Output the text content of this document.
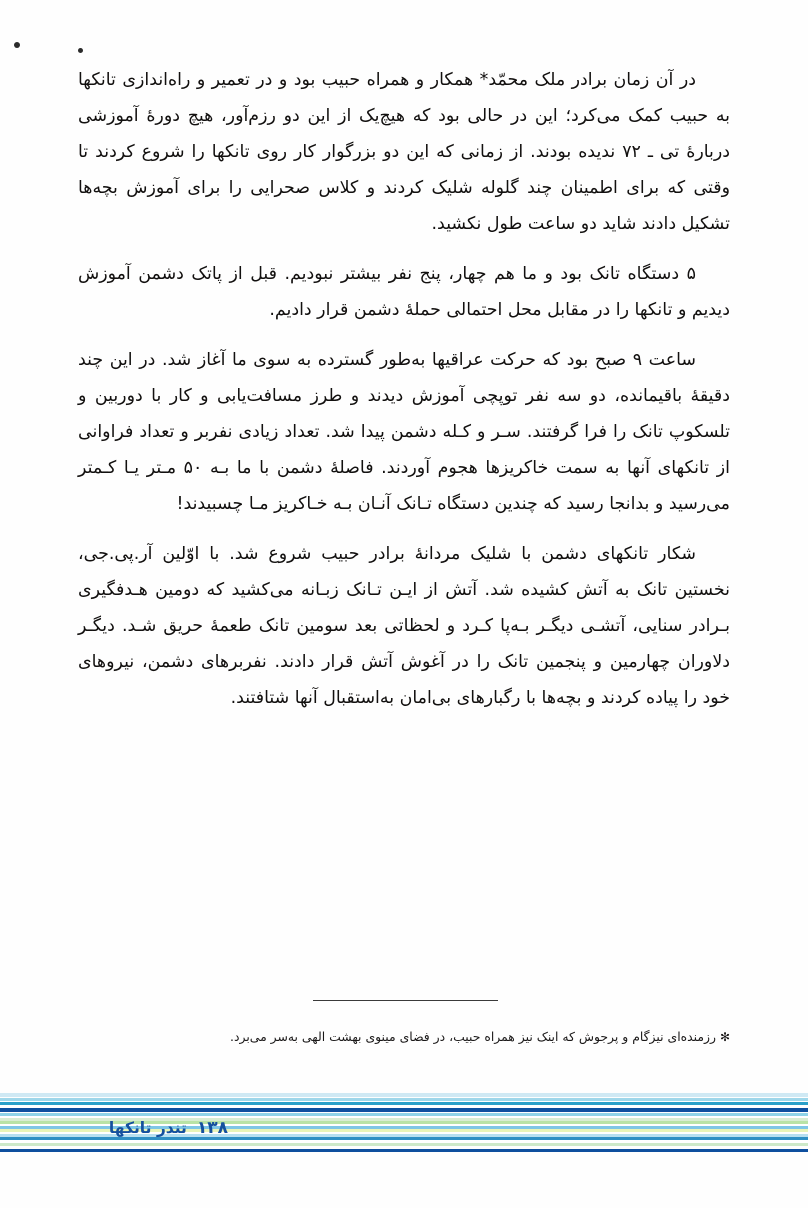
در آن زمان برادر ملک محمّد* همکار و همراه حبیب بود و در تعمیر و راه‌اندازی تانکها به حبیب کمک می‌کرد؛ این در حالی بود که هیچ‌یک از این دو رزم‌آور، هیچ دورهٔ آموزشی دربارهٔ تی ـ ۷۲ ندیده بودند. از زمانی که این دو بزرگوار کار روی تانکها را شروع کردند تا وقتی که برای اطمینان چند گلوله شلیک کردند و کلاس صحرایی را برای آموزش بچه‌ها تشکیل دادند شاید دو ساعت طول نکشید.

۵ دستگاه تانک بود و ما هم چهار، پنج نفر بیشتر نبودیم. قبل از پاتک دشمن آموزش دیدیم و تانکها را در مقابل محل احتمالی حملهٔ دشمن قرار دادیم.

ساعت ۹ صبح بود که حرکت عراقیها به‌طور گسترده به سوی ما آغاز شد. در این چند دقیقهٔ باقیمانده، دو سه نفر توپچی آموزش دیدند و طرز مسافت‌یابی و کار با دوربین و تلسکوپ تانک را فرا گرفتند. سـر و کـله دشمن پیدا شد. تعداد زیادی نفربر و تعداد فراوانی از تانکهای آنها به سمت خاکریزها هجوم آوردند. فاصلهٔ دشمن با ما بـه ۵۰ مـتر یـا کـمتر می‌رسید و بدانجا رسید که چندین دستگاه تـانک آنـان بـه خـاکریز مـا چسبیدند!

شکار تانکهای دشمن با شلیک مردانهٔ برادر حبیب شروع شد. با اوّلین آر.پی.جی، نخستین تانک به آتش کشیده شد. آتش از ایـن تـانک زبـانه می‌کشید که دومین هـدفگیری بـرادر سنایی، آتشـی دیگـر بـه‌پا کـرد و لحظاتی بعد سومین تانک طعمهٔ حریق شـد. دیگـر دلاوران چهارمین و پنجمین تانک را در آغوش آتش قرار دادند. نفربرهای دشمن، نیروهای خود را پیاده کردند و بچه‌ها با رگبارهای بی‌امان به‌استقبال آنها شتافتند.

✻ رزمنده‌ای نیزگام و پرجوش که اینک نیز همراه حبیب، در فضای مینوی بهشت الهی به‌سر می‌برد.
۱۳۸
تندر تانکها
